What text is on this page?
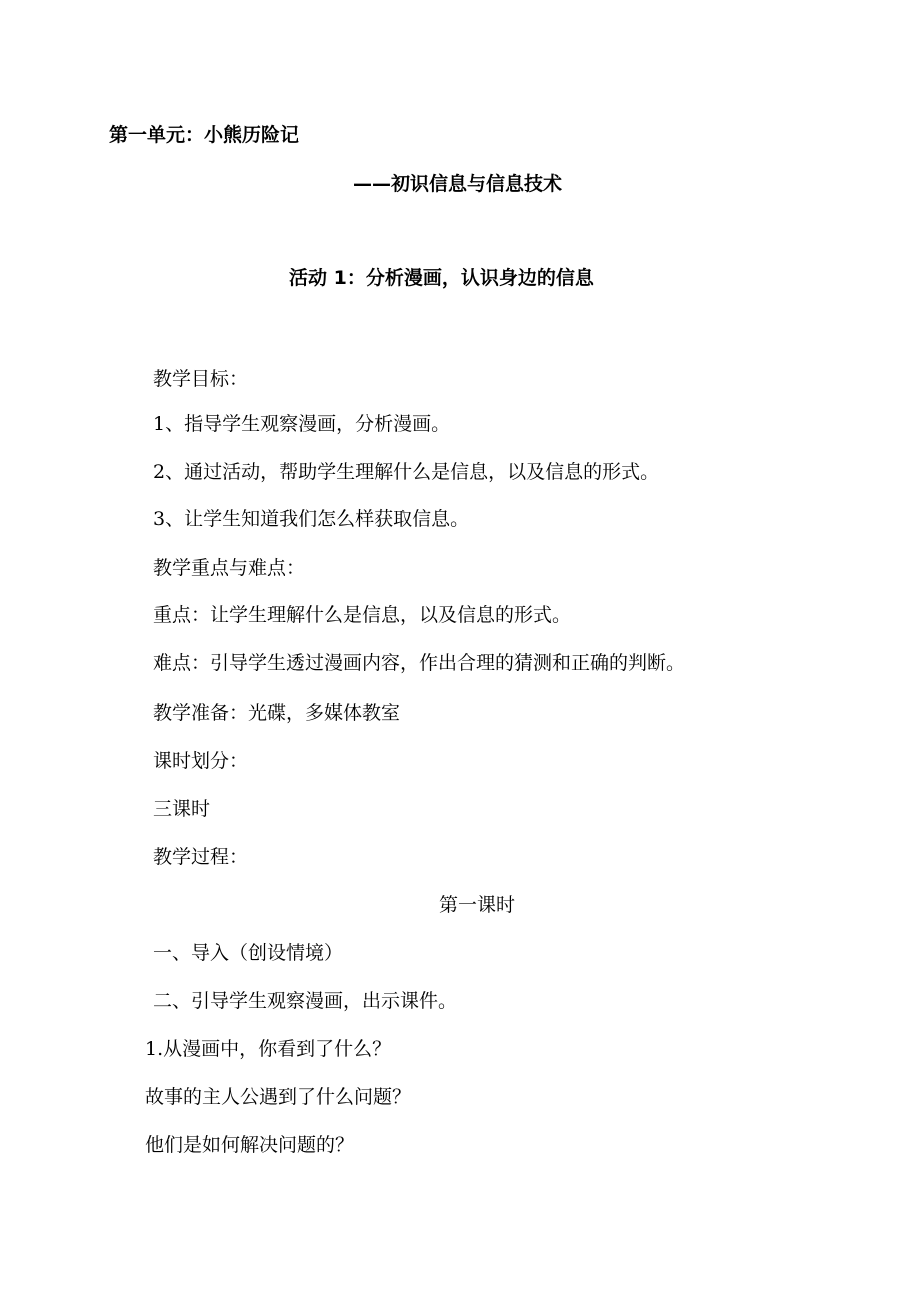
第一单元：小熊历险记
——初识信息与信息技术
活动 1：分析漫画，认识身边的信息
教学目标：
1、指导学生观察漫画，分析漫画。
2、通过活动，帮助学生理解什么是信息，以及信息的形式。
3、让学生知道我们怎么样获取信息。
教学重点与难点：
重点：让学生理解什么是信息，以及信息的形式。
难点：引导学生透过漫画内容，作出合理的猜测和正确的判断。
教学准备：光碟，多媒体教室
课时划分：
三课时
教学过程：
第一课时
一、导入（创设情境）
二、引导学生观察漫画，出示课件。
1.从漫画中，你看到了什么？
故事的主人公遇到了什么问题？
他们是如何解决问题的？
